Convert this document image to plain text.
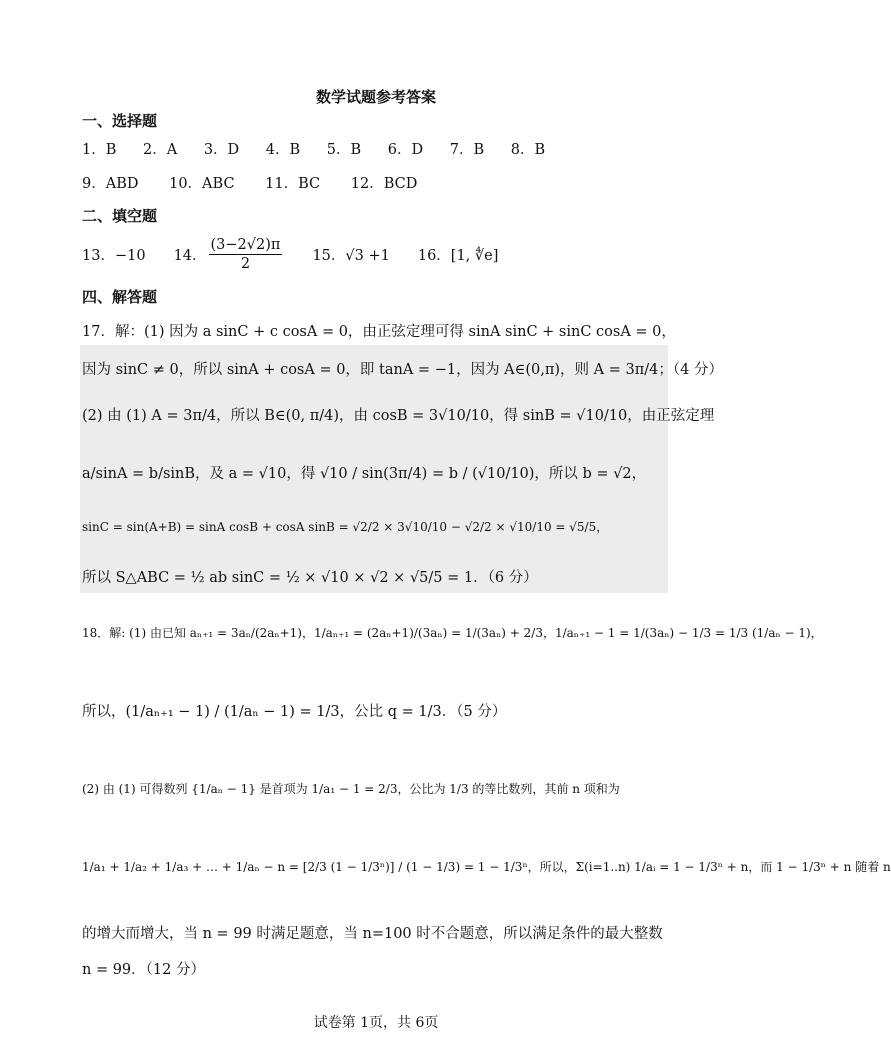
数学试题参考答案
一、选择题
1．B 2．A 3．D 4．B 5．B 6．D 7．B 8．B
9．ABD 10．ABC 11．BC 12．BCD
二、填空题
13．−10 14． $\frac{(3-2√2)\pi}{2} 15$．√3 +1 16．[1, ∜e]
四、解答题
17．解：(1) 因为 a sinC + c cosA = 0，由正弦定理可得 sinA sinC + sinC cosA = 0，
因为 sinC ≠ 0，所以 sinA + cosA = 0，即 tanA = −1，因为 A∈(0,π)，则 A = 3π/4；（4 分）
(2) 由 (1) A = 3π/4，所以 B∈(0, π/4)，由 cosB = 3√10/10，得 sinB = √10/10，由正弦定理
a/sinA = b/sinB，及 a = √10，得 √10 / sin(3π/4) = b / (√10/10)，所以 b = √2，
sinC = sin(A+B) = sinA cosB + cosA sinB = √2/2 × 3√10/10 − √2/2 × √10/10 = √5/5，
所以 S△ABC = ½ ab sinC = ½ × √10 × √2 × √5/5 = 1．（6 分）
18．解: (1) 由已知 aₙ₊₁ = 3aₙ/(2aₙ+1)，1/aₙ₊₁ = (2aₙ+1)/(3aₙ) = 1/(3aₙ) + 2/3，1/aₙ₊₁ − 1 = 1/(3aₙ) − 1/3 = 1/3 (1/aₙ − 1)，
所以，(1/aₙ₊₁ − 1) / (1/aₙ − 1) = 1/3，公比 q = 1/3．（5 分）
(2) 由 (1) 可得数列 {1/aₙ − 1} 是首项为 1/a₁ − 1 = 2/3，公比为 1/3 的等比数列，其前 n 项和为
1/a₁ + 1/a₂ + 1/a₃ + … + 1/aₙ − n = [2/3 (1 − 1/3ⁿ)] / (1 − 1/3) = 1 − 1/3ⁿ，所以，Σ(i=1..n) 1/aᵢ = 1 − 1/3ⁿ + n，而 1 − 1/3ⁿ + n 随着 n
的增大而增大，当 n = 99 时满足题意，当 n=100 时不合题意，所以满足条件的最大整数
n = 99．（12 分）
试卷第 1页，共 6页
